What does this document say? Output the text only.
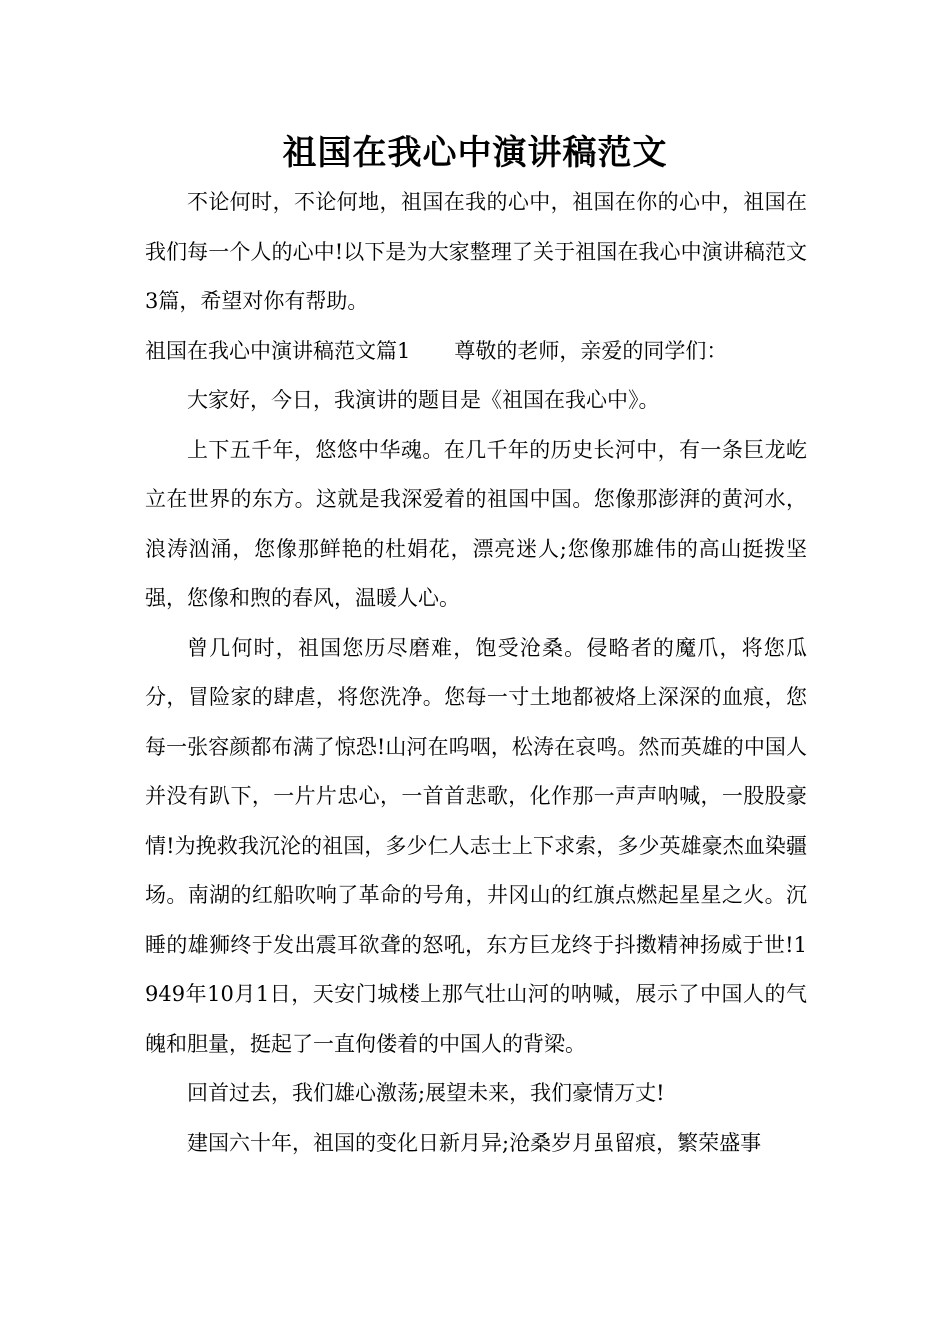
祖国在我心中演讲稿范文

不论何时，不论何地，祖国在我的心中，祖国在你的心中，祖国在我们每一个人的心中!以下是为大家整理了关于祖国在我心中演讲稿范文3篇，希望对你有帮助。

祖国在我心中演讲稿范文篇1 尊敬的老师，亲爱的同学们：

大家好，今日，我演讲的题目是《祖国在我心中》。

上下五千年，悠悠中华魂。在几千年的历史长河中，有一条巨龙屹立在世界的东方。这就是我深爱着的祖国中国。您像那澎湃的黄河水，浪涛汹涌，您像那鲜艳的杜娟花，漂亮迷人;您像那雄伟的高山挺拨坚强，您像和煦的春风，温暖人心。

曾几何时，祖国您历尽磨难，饱受沧桑。侵略者的魔爪，将您瓜分，冒险家的肆虐，将您洗净。您每一寸土地都被烙上深深的血痕，您每一张容颜都布满了惊恐!山河在呜咽，松涛在哀鸣。然而英雄的中国人并没有趴下，一片片忠心，一首首悲歌，化作那一声声呐喊，一股股豪情!为挽救我沉沦的祖国，多少仁人志士上下求索，多少英雄豪杰血染疆场。南湖的红船吹响了革命的号角，井冈山的红旗点燃起星星之火。沉睡的雄狮终于发出震耳欲聋的怒吼，东方巨龙终于抖擞精神扬威于世!1949年10月1日，天安门城楼上那气壮山河的呐喊，展示了中国人的气魄和胆量，挺起了一直佝偻着的中国人的背梁。

回首过去，我们雄心激荡;展望未来，我们豪情万丈!

建国六十年，祖国的变化日新月异;沧桑岁月虽留痕，繁荣盛事
